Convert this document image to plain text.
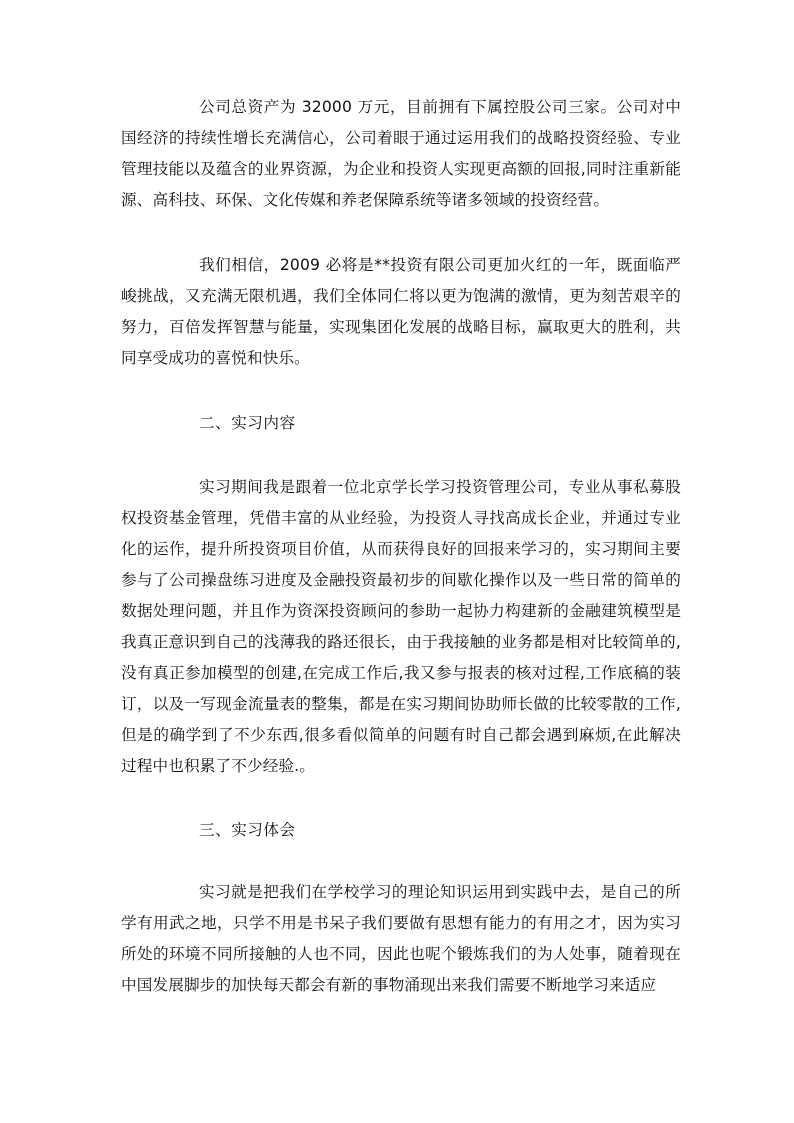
公司总资产为 32000 万元，目前拥有下属控股公司三家。公司对中国经济的持续性增长充满信心，公司着眼于通过运用我们的战略投资经验、专业管理技能以及蕴含的业界资源，为企业和投资人实现更高额的回报,同时注重新能源、高科技、环保、文化传媒和养老保障系统等诸多领域的投资经营。

我们相信，2009 必将是**投资有限公司更加火红的一年，既面临严峻挑战，又充满无限机遇，我们全体同仁将以更为饱满的激情，更为刻苦艰辛的努力，百倍发挥智慧与能量，实现集团化发展的战略目标，赢取更大的胜利，共同享受成功的喜悦和快乐。

二、实习内容

实习期间我是跟着一位北京学长学习投资管理公司，专业从事私募股权投资基金管理，凭借丰富的从业经验，为投资人寻找高成长企业，并通过专业化的运作，提升所投资项目价值，从而获得良好的回报来学习的，实习期间主要参与了公司操盘练习进度及金融投资最初步的间歇化操作以及一些日常的简单的数据处理问题，并且作为资深投资顾问的参助一起协力构建新的金融建筑模型是我真正意识到自己的浅薄我的路还很长，由于我接触的业务都是相对比较简单的,没有真正参加模型的创建,在完成工作后,我又参与报表的核对过程,工作底稿的装订，以及一写现金流量表的整集，都是在实习期间协助师长做的比较零散的工作,但是的确学到了不少东西,很多看似简单的问题有时自己都会遇到麻烦,在此解决过程中也积累了不少经验.。

三、实习体会

实习就是把我们在学校学习的理论知识运用到实践中去，是自己的所学有用武之地，只学不用是书呆子我们要做有思想有能力的有用之才，因为实习所处的环境不同所接触的人也不同，因此也呢个锻炼我们的为人处事，随着现在中国发展脚步的加快每天都会有新的事物涌现出来我们需要不断地学习来适应
